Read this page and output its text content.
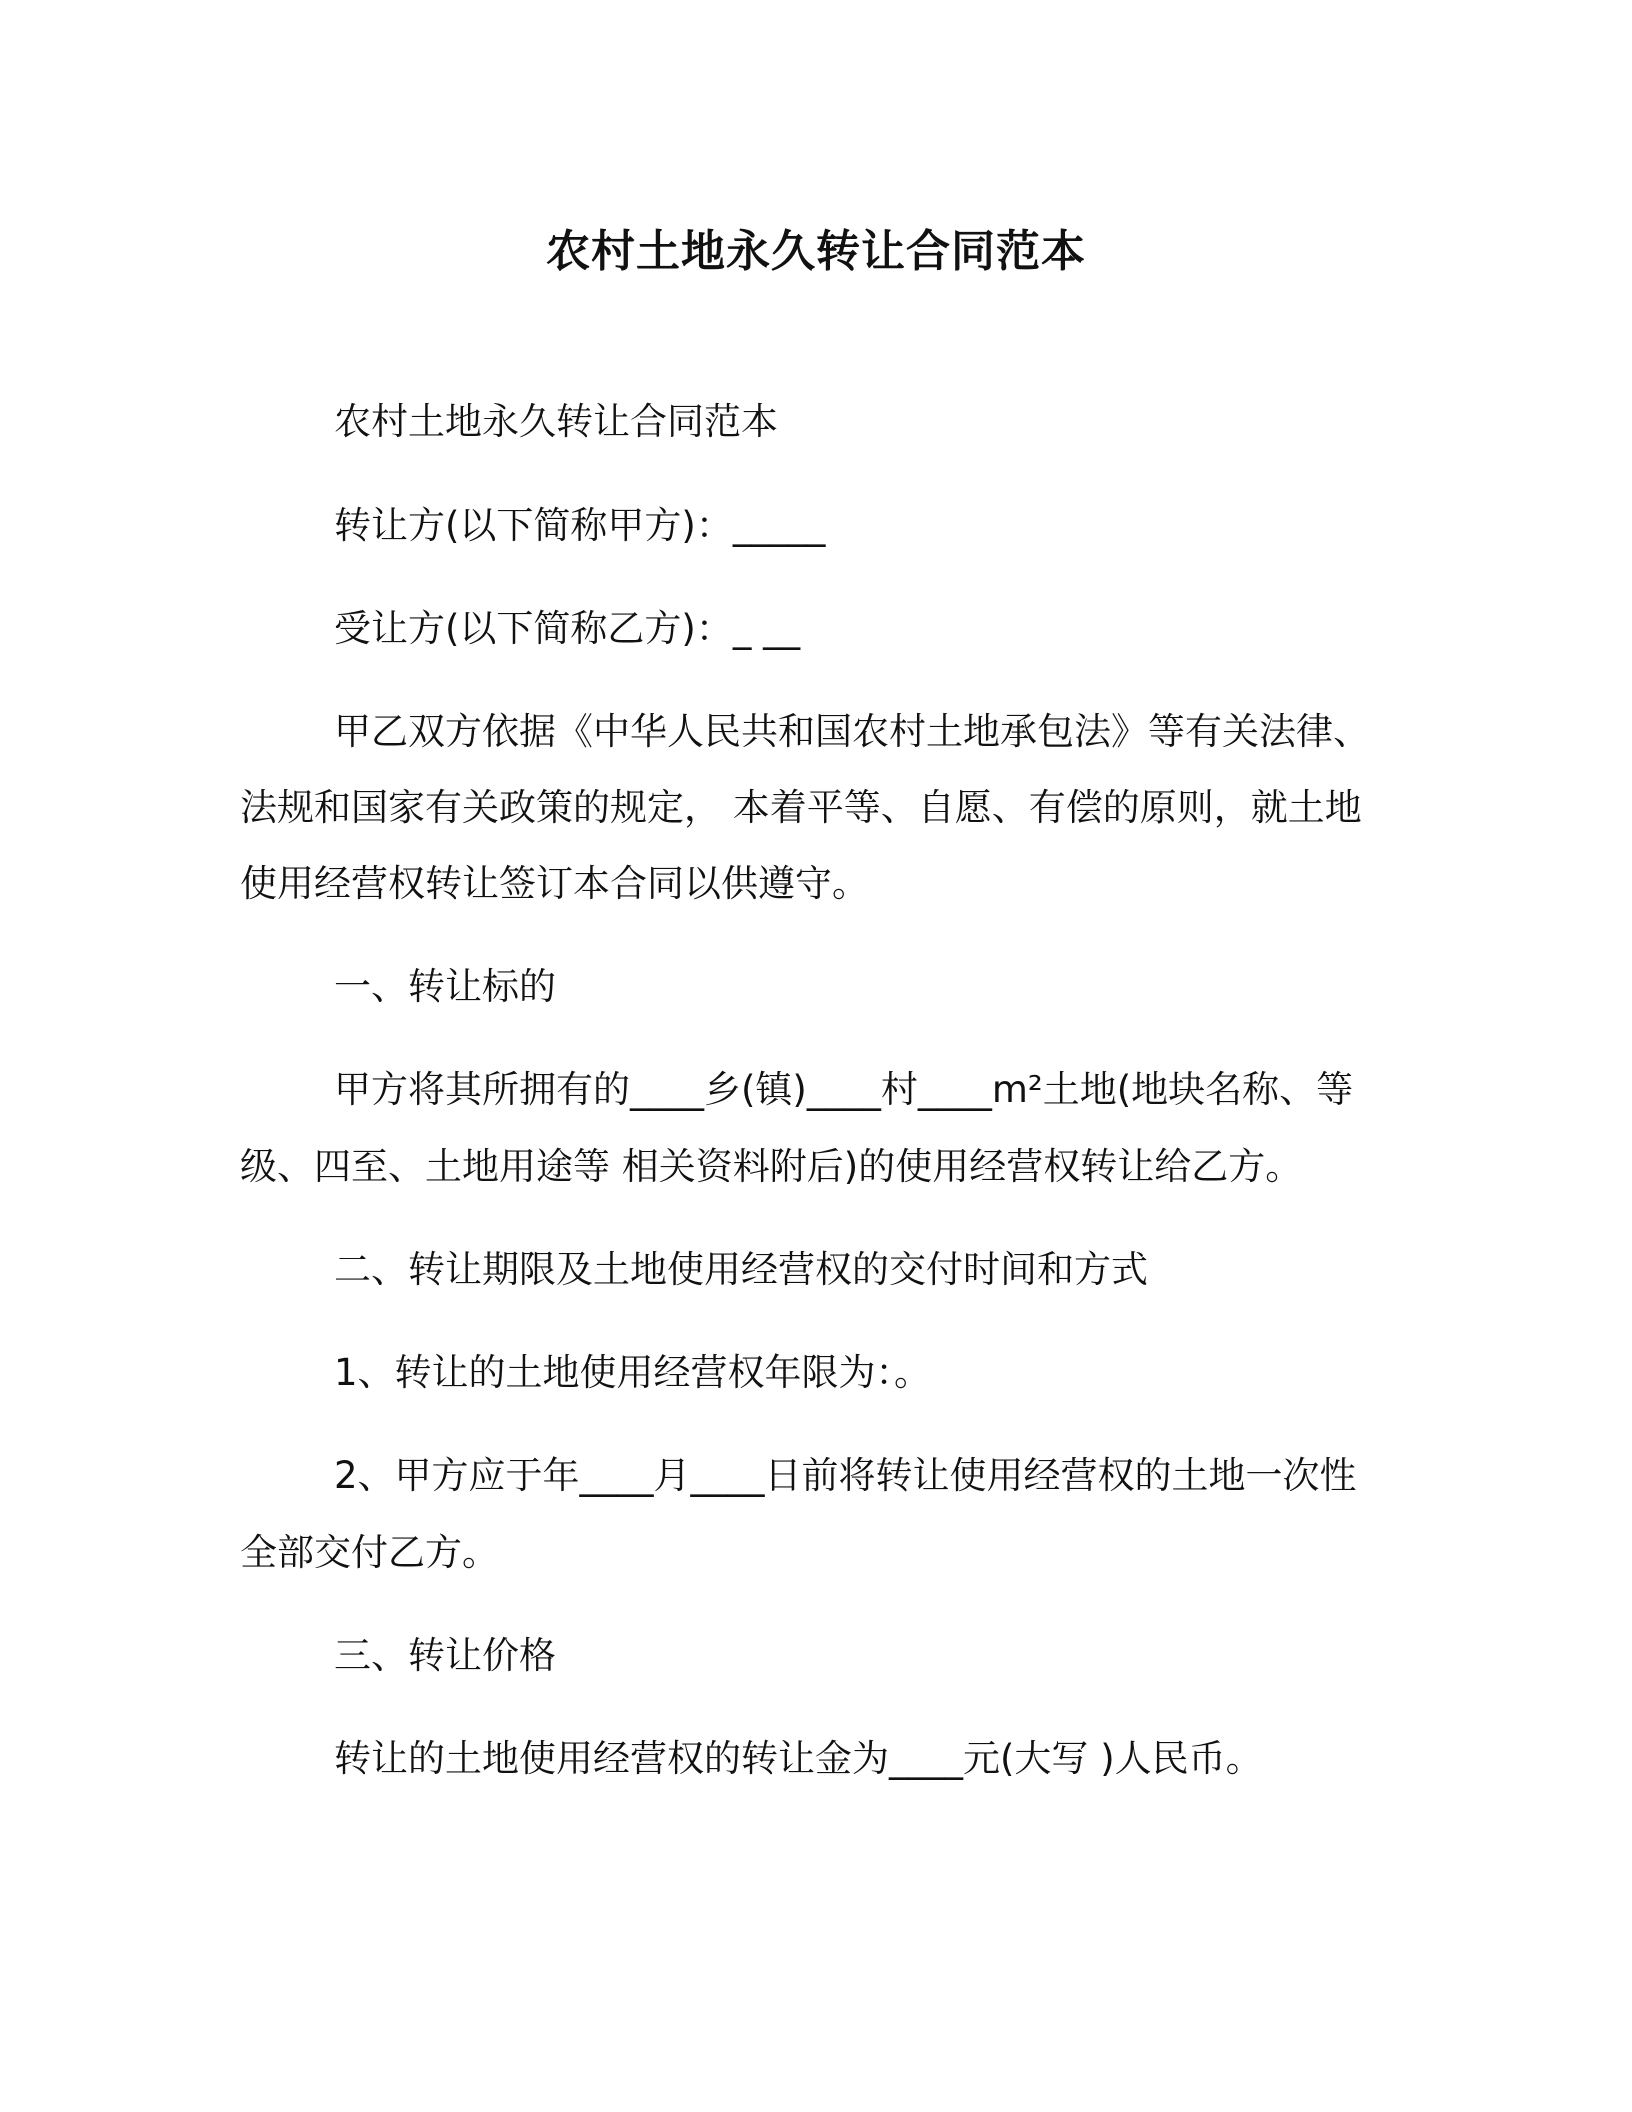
农村土地永久转让合同范本
农村土地永久转让合同范本
转让方(以下简称甲方)：_____
受让方(以下简称乙方)：_ __
甲乙双方依据《中华人民共和国农村土地承包法》等有关法律、
法规和国家有关政策的规定， 本着平等、自愿、有偿的原则，就土地
使用经营权转让签订本合同以供遵守。
一、转让标的
甲方将其所拥有的____乡(镇)____村____m²土地(地块名称、等
级、四至、土地用途等 相关资料附后)的使用经营权转让给乙方。
二、转让期限及土地使用经营权的交付时间和方式
1、转让的土地使用经营权年限为：。
2、甲方应于年____月____日前将转让使用经营权的土地一次性
全部交付乙方。
三、转让价格
转让的土地使用经营权的转让金为____元(大写 )人民币。
